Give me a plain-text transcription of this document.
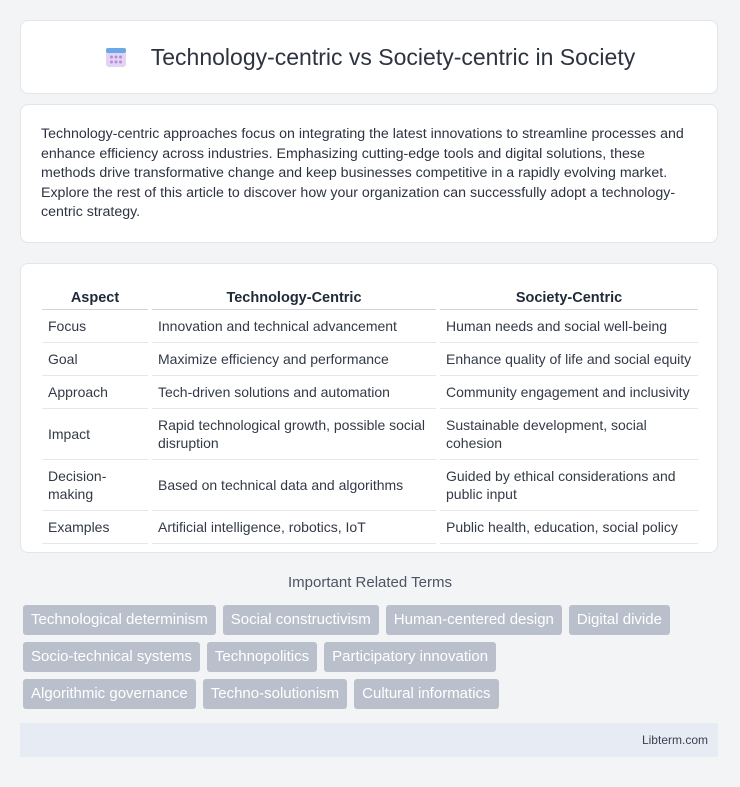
Technology-centric vs Society-centric in Society

Technology-centric approaches focus on integrating the latest innovations to streamline processes and enhance efficiency across industries. Emphasizing cutting-edge tools and digital solutions, these methods drive transformative change and keep businesses competitive in a rapidly evolving market. Explore the rest of this article to discover how your organization can successfully adopt a technology-centric strategy.

Aspect		Technology-Centric		Society-Centric
Focus		Innovation and technical advancement		Human needs and social well-being
Goal		Maximize efficiency and performance		Enhance quality of life and social equity
Approach		Tech-driven solutions and automation		Community engagement and inclusivity
Impact		Rapid technological growth, possible social disruption		Sustainable development, social cohesion
Decision-making		Based on technical data and algorithms		Guided by ethical considerations and public input
Examples		Artificial intelligence, robotics, IoT		Public health, education, social policy
Important Related Terms
Technological determinism	Social constructivism	Human-centered design	Digital divide
Socio-technical systems	Technopolitics	Participatory innovation
Algorithmic governance	Techno-solutionism	Cultural informatics
Libterm.com
